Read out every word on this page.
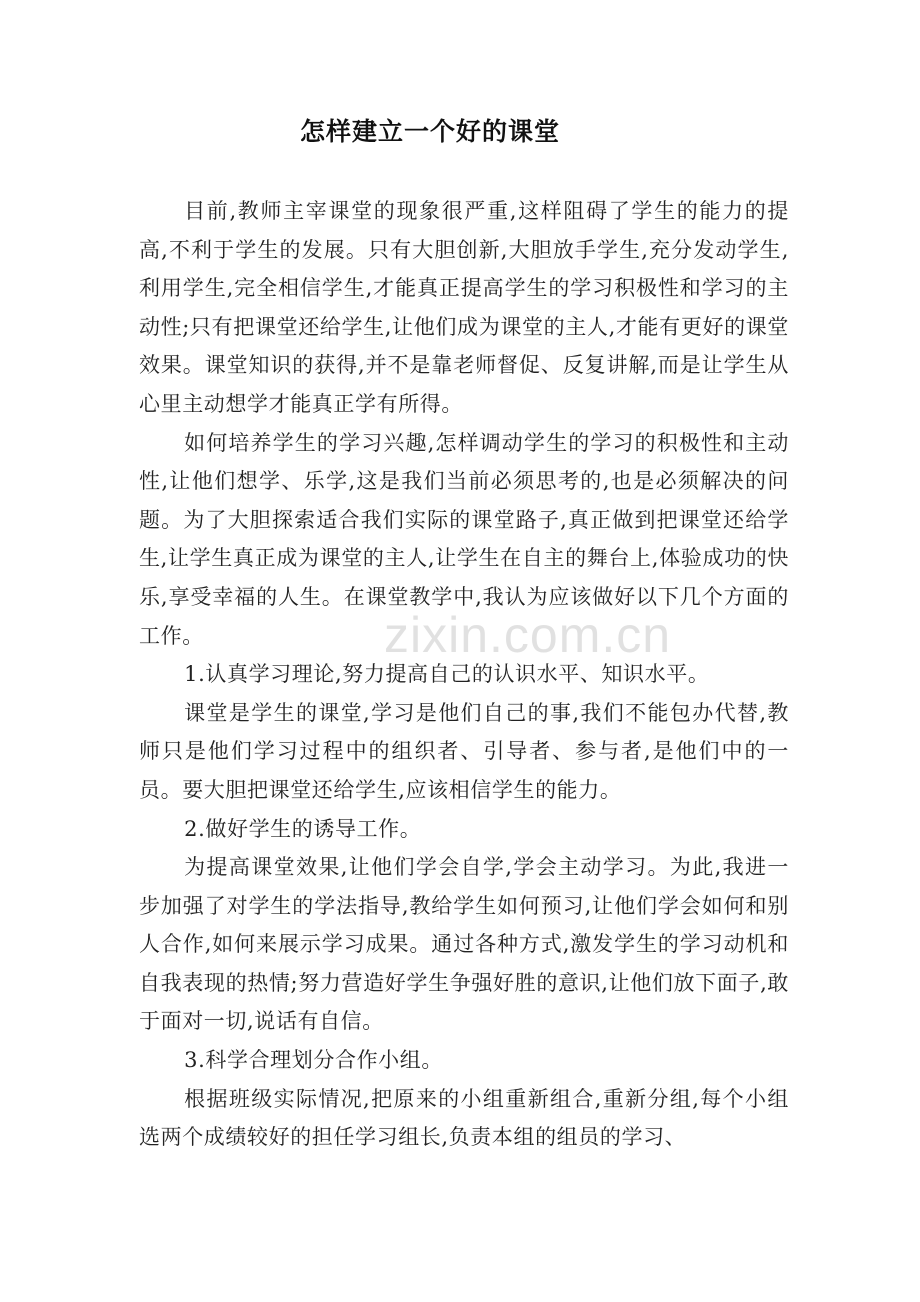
怎样建立一个好的课堂

目前,教师主宰课堂的现象很严重,这样阻碍了学生的能力的提高,不利于学生的发展。只有大胆创新,大胆放手学生,充分发动学生,利用学生,完全相信学生,才能真正提高学生的学习积极性和学习的主动性;只有把课堂还给学生,让他们成为课堂的主人,才能有更好的课堂效果。课堂知识的获得,并不是靠老师督促、反复讲解,而是让学生从心里主动想学才能真正学有所得。

如何培养学生的学习兴趣,怎样调动学生的学习的积极性和主动性,让他们想学、乐学,这是我们当前必须思考的,也是必须解决的问题。为了大胆探索适合我们实际的课堂路子,真正做到把课堂还给学生,让学生真正成为课堂的主人,让学生在自主的舞台上,体验成功的快乐,享受幸福的人生。在课堂教学中,我认为应该做好以下几个方面的工作。

1.认真学习理论,努力提高自己的认识水平、知识水平。

课堂是学生的课堂,学习是他们自己的事,我们不能包办代替,教师只是他们学习过程中的组织者、引导者、参与者,是他们中的一员。要大胆把课堂还给学生,应该相信学生的能力。

2.做好学生的诱导工作。

为提高课堂效果,让他们学会自学,学会主动学习。为此,我进一步加强了对学生的学法指导,教给学生如何预习,让他们学会如何和别人合作,如何来展示学习成果。通过各种方式,激发学生的学习动机和自我表现的热情;努力营造好学生争强好胜的意识,让他们放下面子,敢于面对一切,说话有自信。

3.科学合理划分合作小组。

根据班级实际情况,把原来的小组重新组合,重新分组,每个小组选两个成绩较好的担任学习组长,负责本组的组员的学习、

zixin.com.cn
